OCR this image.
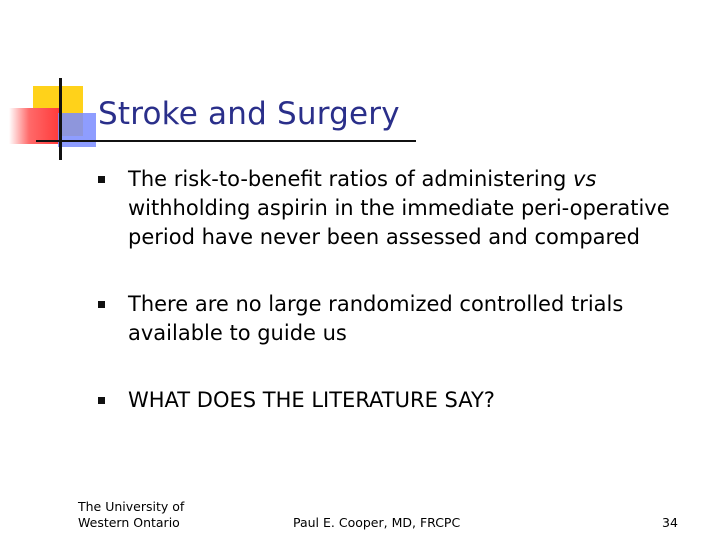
Stroke and Surgery
The risk-to-benefit ratios of administering vs withholding aspirin in the immediate peri-operative period have never been assessed and compared
There are no large randomized controlled trials available to guide us
WHAT DOES THE LITERATURE SAY?
The University of
Western Ontario	Paul E. Cooper, MD, FRCPC	34
